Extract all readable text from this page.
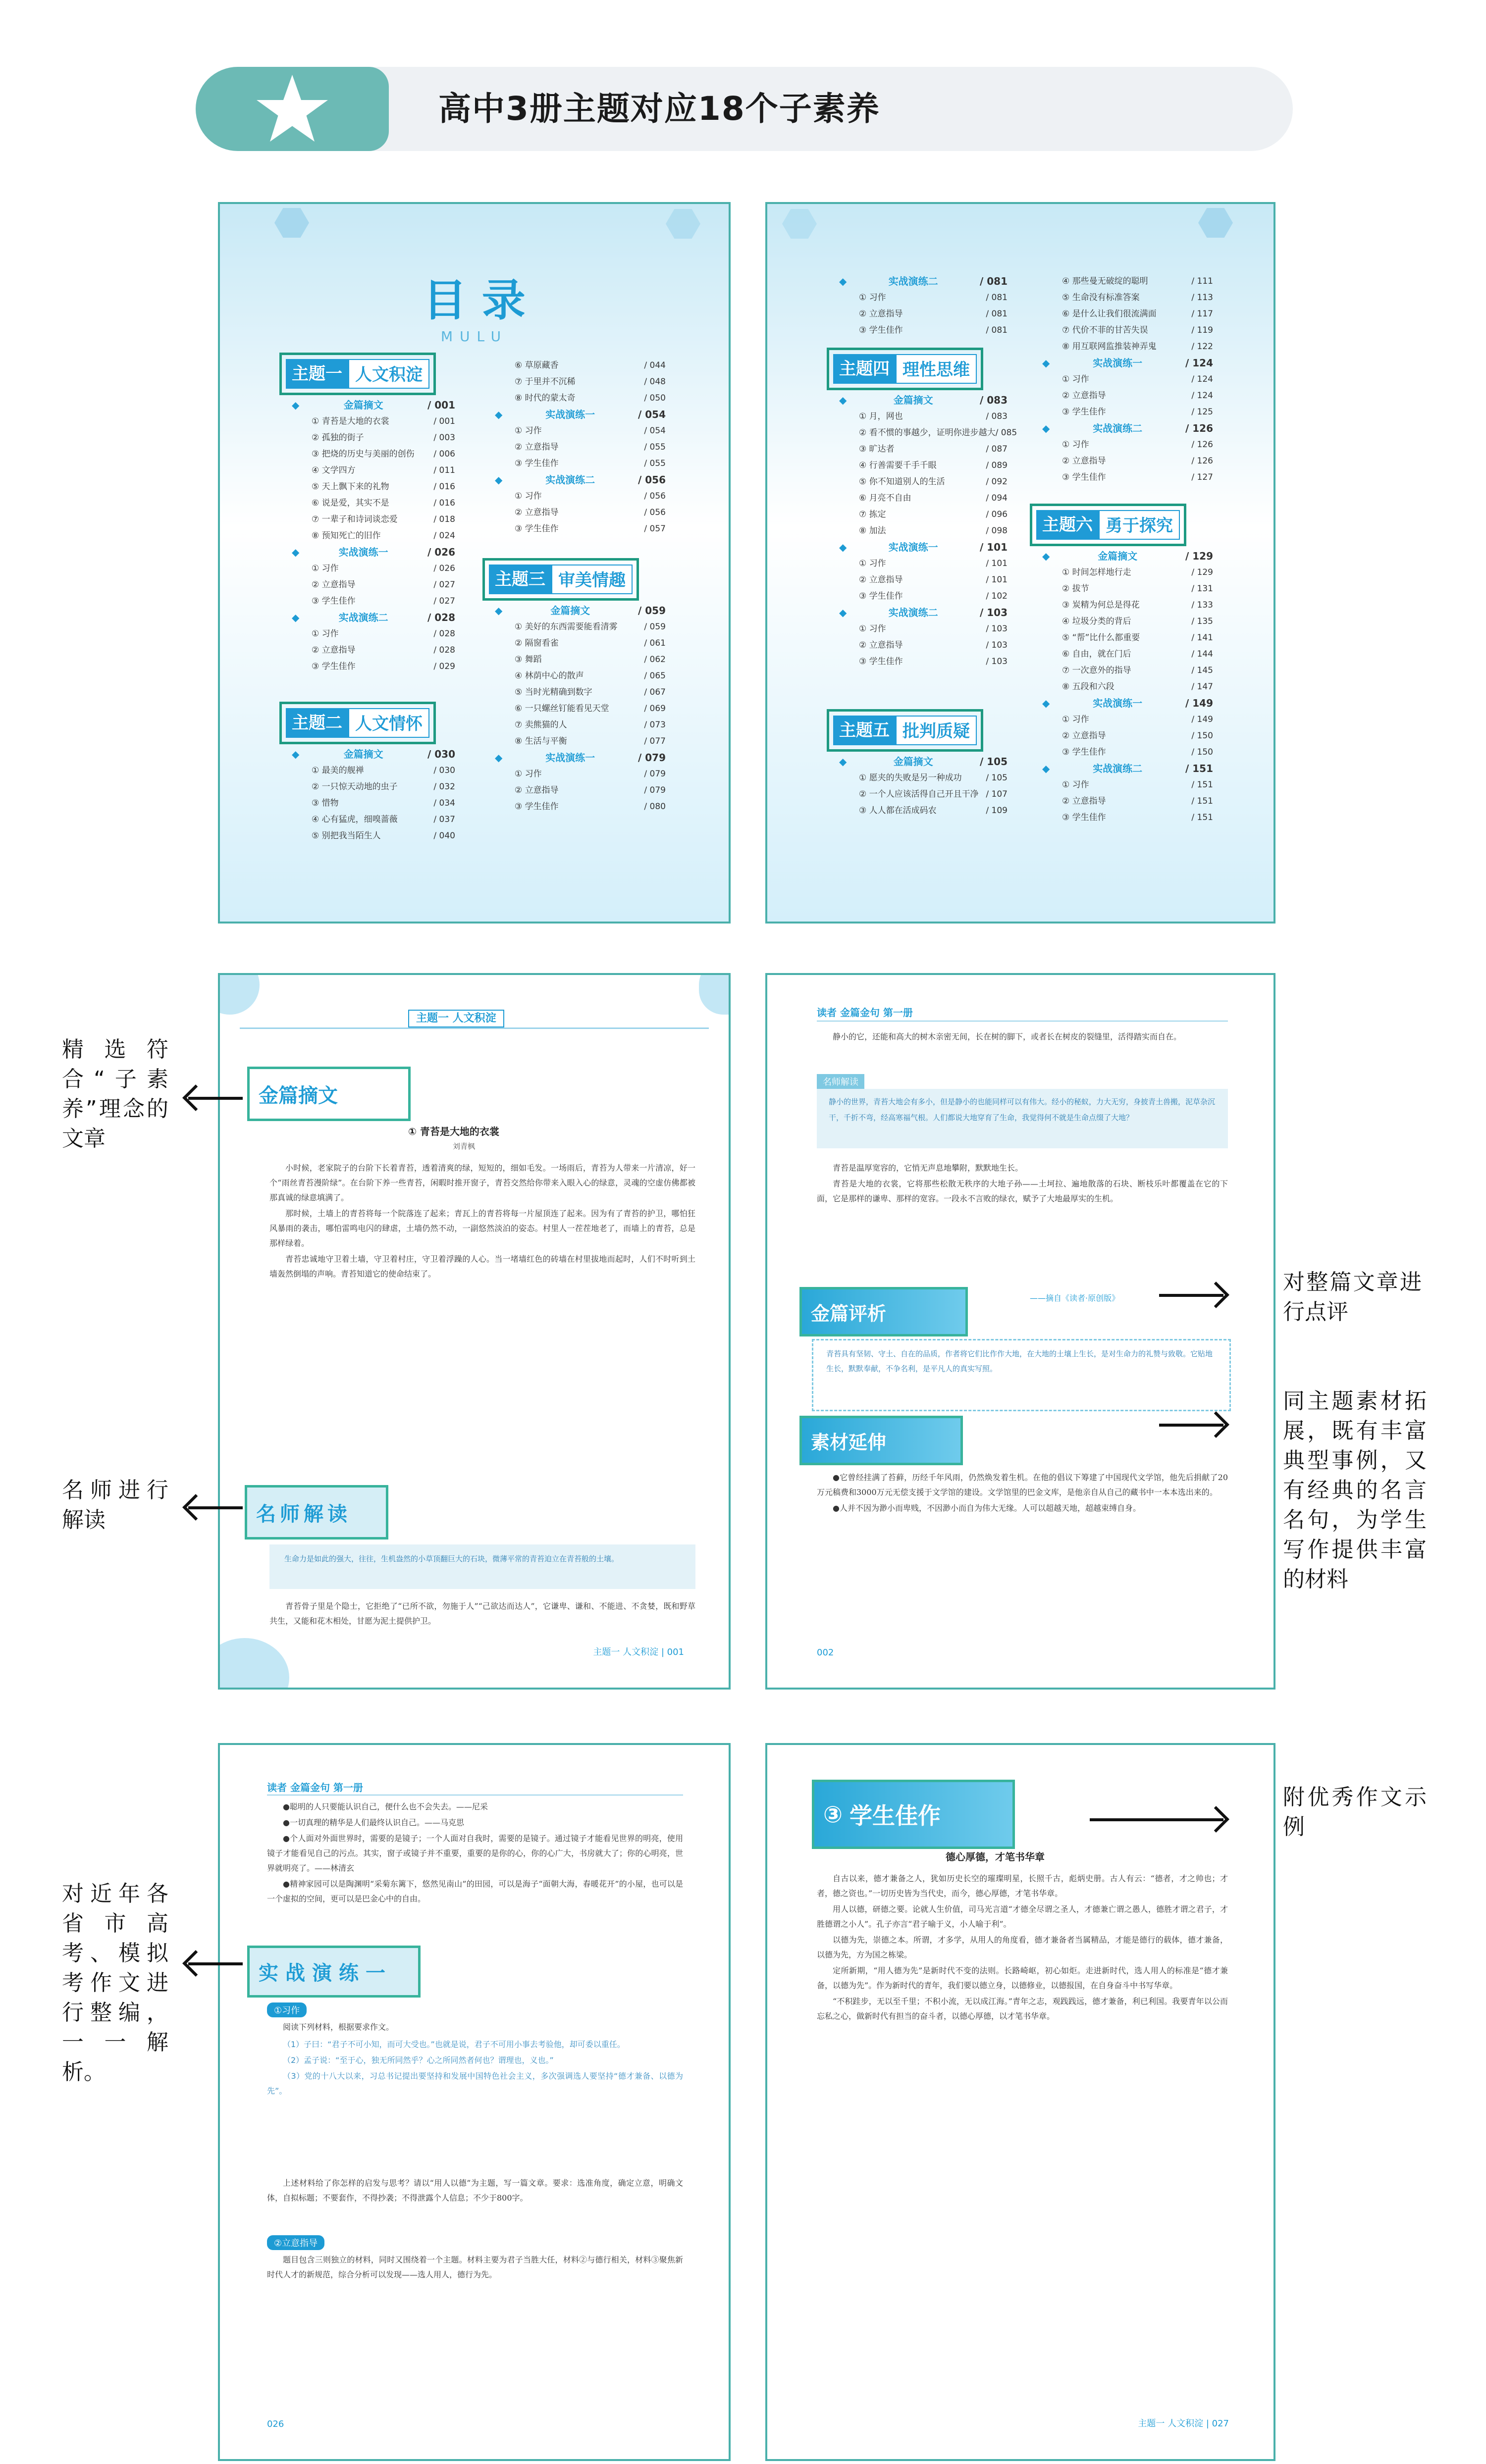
高中3册主题对应18个子素养
目 录
MULU
主题一 人文积淀
◆ 金篇摘文	/ 001
① 青苔是大地的衣裳	/ 001
② 孤独的街子	/ 003
③ 把烧的历史与美丽的创伤 / 006
④ 文学四方	/ 011
⑤ 天上飘下来的礼物	/ 016
⑥ 说是爱，其实不是	/ 016
⑦ 一辈子和诗词谈恋爱	/ 018
⑧ 预知死亡的旧作	/ 024
◆ 实战演练一	/ 026
① 习作	/ 026
② 立意指导	/ 027
③ 学生佳作	/ 027
◆ 实战演练二	/ 028
① 习作	/ 028
② 立意指导	/ 028
③ 学生佳作	/ 029
主题二 人文情怀
◆ 金篇摘文	/ 030
① 最美的舰禅	/ 030
② 一只惊天动地的虫子	/ 032
③ 惜物	/ 034
④ 心有猛虎，细嗅蔷薇	/ 037
⑤ 别把我当陌生人	/ 040
⑥ 草原藏香	/ 044
⑦ 于里并不沉稀	/ 048
⑧ 时代的蒙太奇	/ 050
◆ 实战演练一	/ 054
① 习作	/ 054
② 立意指导	/ 055
③ 学生佳作	/ 055
◆ 实战演练二	/ 056
① 习作	/ 056
② 立意指导	/ 056
③ 学生佳作	/ 057
主题三 审美情趣
◆ 金篇摘文	/ 059
① 美好的东西需要能看清雾	/ 059
② 隔窗看雀	/ 061
③ 舞蹈	/ 062
④ 林荫中心的散声	/ 065
⑤ 当时光精确到数字	/ 067
⑥ 一只螺丝钉能看见天堂	/ 069
⑦ 卖熊猫的人	/ 073
⑧ 生活与平衡	/ 077
◆ 实战演练一	/ 079
① 习作	/ 079
② 立意指导	/ 079
③ 学生佳作	/ 080
◆ 实战演练二	/ 081
① 习作	/ 081
② 立意指导	/ 081
③ 学生佳作	/ 081
主题四 理性思维
◆ 金篇摘文	/ 083
① 月，网也	/ 083
② 看不惯的事越少，证明你进步越大 / 085
③ 旷达者	/ 087
④ 行善需要千手千眼	/ 089
⑤ 你不知道别人的生活	/ 092
⑥ 月亮不自由	/ 094
⑦ 拣定	/ 096
⑧ 加法	/ 098
◆ 实战演练一	/ 101
① 习作	/ 101
② 立意指导	/ 101
③ 学生佳作	/ 102
◆ 实战演练二	/ 103
① 习作	/ 103
② 立意指导	/ 103
③ 学生佳作	/ 103
主题五 批判质疑
◆ 金篇摘文	/ 105
① 愿夹的失败是另一种成功	/ 105
② 一个人应该活得自己开且干净 / 107
③ 人人都在活成码农	/ 109
④ 那些曼无破绽的聪明	/ 111
⑤ 生命没有标准答案	/ 113
⑥ 是什么让我们很流满面	/ 117
⑦ 代价不菲的甘苦失误	/ 119
⑧ 用互联网监推装神弄鬼	/ 122
◆ 实战演练一	/ 124
① 习作	/ 124
② 立意指导	/ 124
③ 学生佳作	/ 125
◆ 实战演练二	/ 126
① 习作	/ 126
② 立意指导	/ 126
③ 学生佳作	/ 127
主题六 勇于探究
◆ 金篇摘文	/ 129
① 时间怎样地行走	/ 129
② 拔节	/ 131
③ 炭精为何总是得花	/ 133
④ 垃圾分类的背后	/ 135
⑤ “帮”比什么都重要	/ 141
⑥ 自由，就在门后	/ 144
⑦ 一次意外的指导	/ 145
⑧ 五段和六段	/ 147
◆ 实战演练一	/ 149
① 习作	/ 149
② 立意指导	/ 150
③ 学生佳作	/ 150
◆ 实战演练二	/ 151
① 习作	/ 151
② 立意指导	/ 151
③ 学生佳作	/ 151
主题一 人文积淀
金篇摘文
① 青苔是大地的衣裳
刘青枫

小时候，老家院子的台阶下长着青苔，透着清爽的绿，短短的，细如毛发。一场雨后，青苔为人带来一片清凉，好一个“雨丝青苔漫阶绿”。在台阶下养一些青苔，闲暇时推开窗子，青苔交然给你带来入眼入心的绿意，灵魂的空虚仿佛都被那真诚的绿意填满了。

那时候，土墙上的青苔将每一个院落连了起来；青瓦上的青苔将每一片屋顶连了起来。因为有了青苔的护卫，哪怕狂风暴雨的袭击，哪怕雷鸣电闪的肆虐，土墙仍然不动，一副悠然淡泊的姿态。村里人一茬茬地老了，而墙上的青苔，总是那样绿着。

青苔忠诚地守卫着土墙，守卫着村庄，守卫着浮躁的人心。当一堵墙红色的砖墙在村里拔地而起时，人们不时听到土墙轰然倒塌的声响。青苔知道它的使命结束了。

名师解读
生命力是如此的强大，往往，生机盎然的小草顶翻巨大的石块，微薄平常的青苔迫立在青苔般的土壤。

青苔骨子里是个隐士，它拒绝了“已所不欲，勿施于人”“己欲达而达人”，它谦卑、谦和、不能进、不贪婪，既和野草共生，又能和花木相处，甘愿为泥土提供护卫。

主题一 人文积淀 | 001
读者 金篇金句 第一册

静小的它，还能和高大的树木亲密无间，长在树的脚下，或者长在树皮的裂缝里，活得踏实而自在。

名师解读
静小的世界，青苔大地会有多小，但是静小的也能同样可以有伟大。经小的秘蚁，力大无穷，身披青土兽搬，泥草杂沉干，千折不弯，经高寒福气根。人们都说大地穿育了生命，我觉得何不就是生命点缀了大地？

青苔是温厚宽容的，它悄无声息地攀附，默默地生长。

青苔是大地的衣裳，它将那些松散无秩序的大地子孙——土坷拉、遍地散落的石块、断枝乐叶都覆盖在它的下面，它是那样的谦卑、那样的宽容。一段永不言败的绿衣，赋予了大地最厚实的生机。

——摘自《读者·原创版》
金篇评析
青苔具有坚韧、守土、自在的品质，作者将它们比作作大地，在大地的土壤上生长，是对生命力的礼赞与致敬。它贴地生长，默默奉献，不争名利，是平凡人的真实写照。
素材延伸

●它曾经挂满了苔藓，历经千年风雨，仍然焕发着生机。在他的倡议下筹建了中国现代文学馆，他先后捐献了20万元稿费和3000万元无偿支援于文学馆的建设。文学馆里的巴金文库，是他亲自从自己的藏书中一本本选出来的。

●人并不因为渺小而卑贱，不因渺小而自为伟大无缘。人可以超越天地，超越束缚自身。

002
读者 金篇金句 第一册

●聪明的人只要能认识自己，便什么也不会失去。——尼采

●一切真理的精华是人们最终认识自己。——马克思

●个人面对外面世界时，需要的是镜子；一个人面对自我时，需要的是镜子。通过镜子才能看见世界的明亮，使用镜子才能看见自己的污点。其实，窗子或镜子并不重要，重要的是你的心，你的心广大，书房就大了；你的心明亮，世界就明亮了。——林清玄

●精神家园可以是陶渊明“采菊东篱下，悠然见南山”的田园，可以是海子“面朝大海，春暖花开”的小屋，也可以是一个虚拟的空间，更可以是巴金心中的自由。

实战演练一
①习作

阅读下列材料，根据要求作文。

（1）子曰：“君子不可小知，而可大受也。”也就是说，君子不可用小事去考验他，却可委以重任。

（2）孟子说：“至于心，独无所同然乎？心之所同然者何也？谓理也，义也。”

（3）党的十八大以来，习总书记提出要坚持和发展中国特色社会主义，多次强调选人要坚持“德才兼备、以德为先”。

上述材料给了你怎样的启发与思考？请以“用人以德”为主题，写一篇文章。要求：选准角度，确定立意，明确文体，自拟标题；不要套作，不得抄袭；不得泄露个人信息；不少于800字。

②立意指导

题目包含三则独立的材料，同时又围绕着一个主题。材料主要为君子当胜大任，材料②与德行相关，材料③聚焦新时代人才的新规范，综合分析可以发现——选人用人，德行为先。

026
③ 学生佳作
德心厚德，才笔书华章

自古以来，德才兼备之人，犹如历史长空的璀璨明星，长照千古，彪炳史册。古人有云：“德者，才之帅也；才者，德之资也。”一切历史皆为当代史，而今，德心厚德，才笔书华章。

用人以德，研德之要。论就人生价值，司马光言道“才德全尽谓之圣人，才德兼亡谓之愚人，德胜才谓之君子，才胜德谓之小人”。孔子亦言“君子喻于义，小人喻于利”。

以德为先，崇德之本。所谓，才多学，从用人的角度看，德才兼备者当属精品，才能是德行的载体，德才兼备，以德为先，方为国之栋梁。

定所新期，“用人德为先”是新时代不变的法则。长路崎岖，初心如炬。走进新时代，选人用人的标准是“德才兼备，以德为先”。作为新时代的青年，我们要以德立身，以德修业，以德报国，在自身奋斗中书写华章。

“不积跬步，无以至千里；不积小流，无以成江海。”青年之志，观践践远，德才兼备，利已利国。我要青年以公而忘私之心，做新时代有担当的奋斗者，以德心厚德，以才笔书华章。

主题一 人文积淀 | 027
精选符合“子素养”理念的文章
名师进行解读
对整篇文章进行点评
同主题素材拓展，既有丰富典型事例，又有经典的名言名句，为学生写作提供丰富的材料
对近年各省市高考、模拟考作文进行整编，一一解析。
附优秀作文示例
